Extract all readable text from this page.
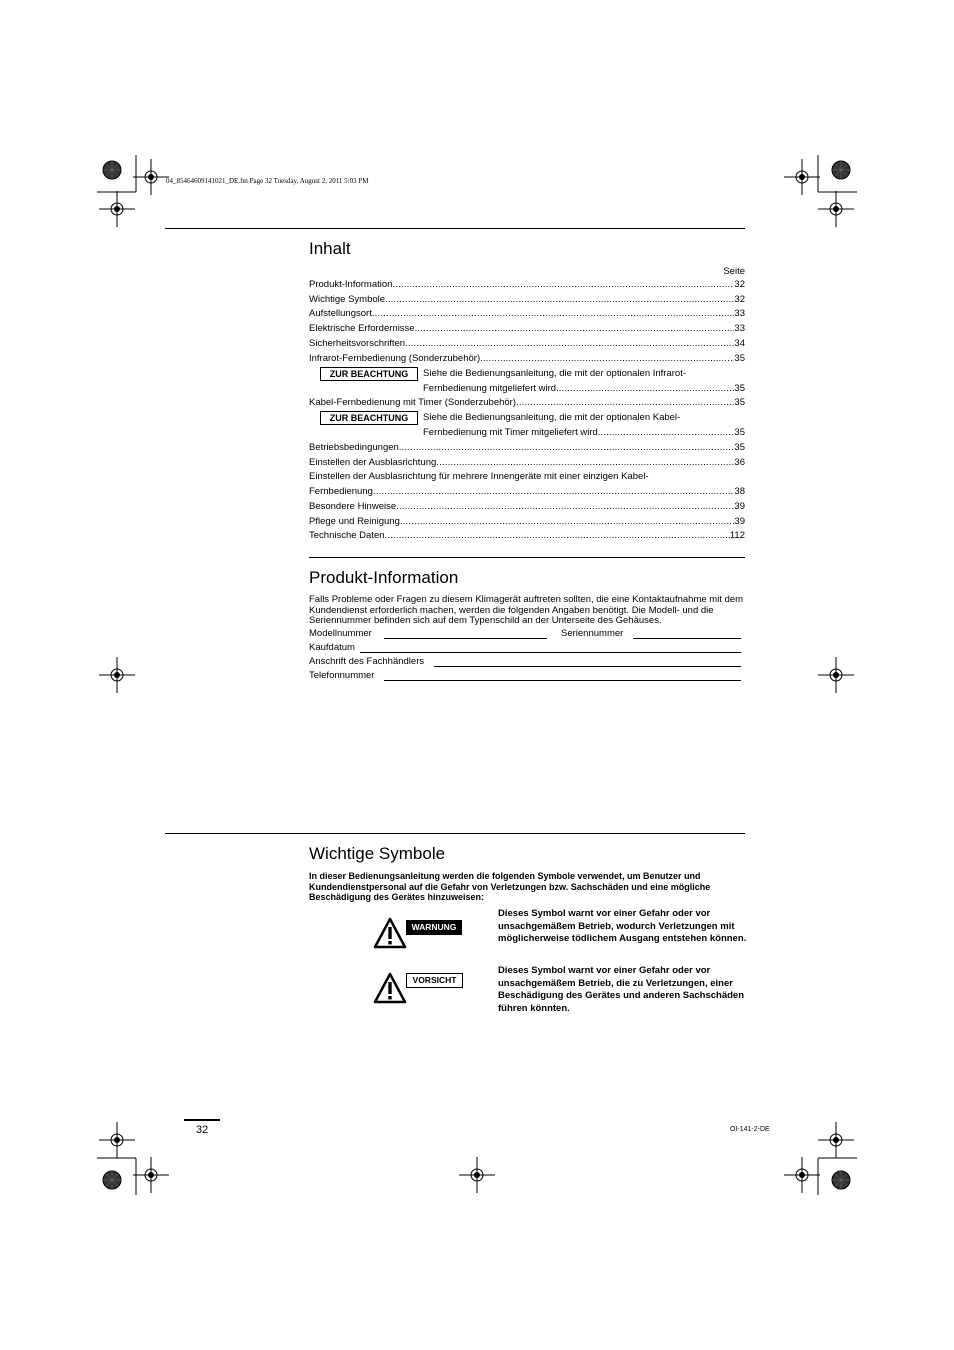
04_85464609141021_DE.fm Page 32 Tuesday, August 2, 2011 5:03 PM
Inhalt
Seite
Produkt-Information .....	32
Wichtige Symbole .....	32
Aufstellungsort .....	33
Elektrische Erfordernisse .....	33
Sicherheitsvorschriften .....	34
Infrarot-Fernbedienung (Sonderzubehör) .....	35
ZUR BEACHTUNG	Siehe die Bedienungsanleitung, die mit der optionalen Infrarot-
Fernbedienung mitgeliefert wird. .....	35
Kabel-Fernbedienung mit Timer (Sonderzubehör) .....	35
ZUR BEACHTUNG	Siehe die Bedienungsanleitung, die mit der optionalen Kabel-
Fernbedienung mit Timer mitgeliefert wird. .....	35
Betriebsbedingungen .....	35
Einstellen der Ausblasrichtung .....	36
Einstellen der Ausblasrichtung für mehrere Innengeräte mit einer einzigen Kabel-
Fernbedienung .....	38
Besondere Hinweise .....	39
Pflege und Reinigung .....	39
Technische Daten .....	112
Produkt-Information
Falls Probleme oder Fragen zu diesem Klimagerät auftreten sollten, die eine Kontaktaufnahme mit dem Kundendienst erforderlich machen, werden die folgenden Angaben benötigt. Die Modell- und die Seriennummer befinden sich auf dem Typenschild an der Unterseite des Gehäuses.
Modellnummer	Seriennummer
Kaufdatum
Anschrift des Fachhändlers
Telefonnummer
Wichtige Symbole
In dieser Bedienungsanleitung werden die folgenden Symbole verwendet, um Benutzer und Kundendienstpersonal auf die Gefahr von Verletzungen bzw. Sachschäden und eine mögliche Beschädigung des Gerätes hinzuweisen:
WARNUNG
Dieses Symbol warnt vor einer Gefahr oder vor unsachgemäßem Betrieb, wodurch Verletzungen mit möglicherweise tödlichem Ausgang entstehen können.
VORSICHT
Dieses Symbol warnt vor einer Gefahr oder vor unsachgemäßem Betrieb, die zu Verletzungen, einer Beschädigung des Gerätes und anderen Sachschäden führen könnten.
32	OI-141-2-DE
